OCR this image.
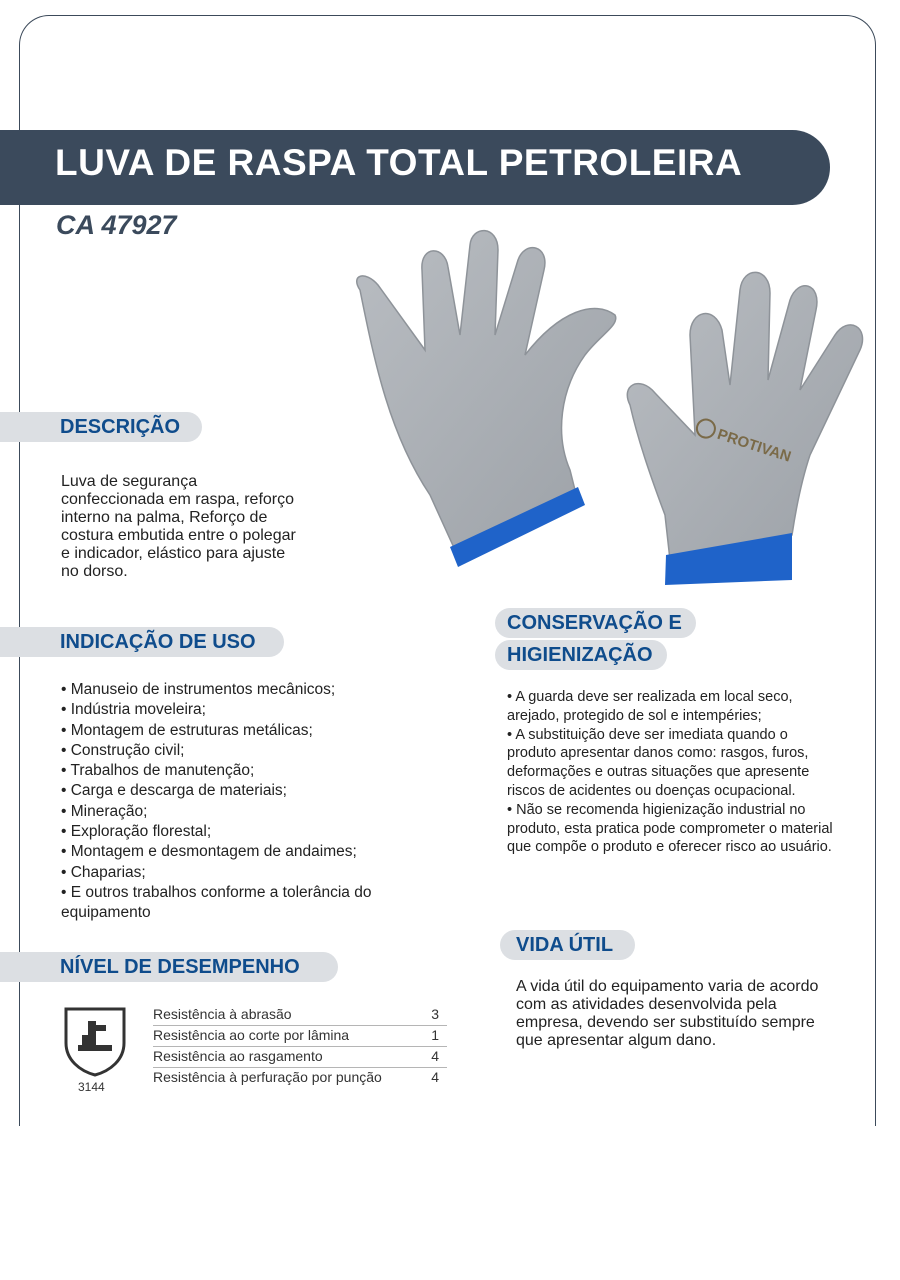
LUVA DE RASPA TOTAL PETROLEIRA
CA 47927
PROTIVAN
DESCRIÇÃO
Luva de segurança confeccionada em raspa, reforço interno na palma, Reforço de costura embutida entre o polegar e indicador, elástico para ajuste no dorso.
INDICAÇÃO DE USO
• Manuseio de instrumentos mecânicos;
• Indústria moveleira;
• Montagem de estruturas metálicas;
• Construção civil;
• Trabalhos de manutenção;
• Carga e descarga de materiais;
• Mineração;
• Exploração florestal;
• Montagem e desmontagem de andaimes;
• Chaparias;
• E outros trabalhos conforme a tolerância do equipamento
CONSERVAÇÃO E
HIGIENIZAÇÃO
• A guarda deve ser realizada em local seco, arejado, protegido de sol e intempéries;
• A substituição deve ser imediata quando o produto apresentar danos como: rasgos, furos, deformações e outras situações que apresente riscos de acidentes ou doenças ocupacional.
• Não se recomenda higienização industrial no produto, esta pratica pode comprometer o material que compõe o produto e oferecer risco ao usuário.
VIDA ÚTIL
A vida útil do equipamento varia de acordo com as atividades desenvolvida pela empresa, devendo ser substituído sempre que apresentar algum dano.
NÍVEL DE DESEMPENHO
3144
Resistência à abrasão	3
Resistência ao corte por lâmina	1
Resistência ao rasgamento	4
Resistência à perfuração por punção	4
